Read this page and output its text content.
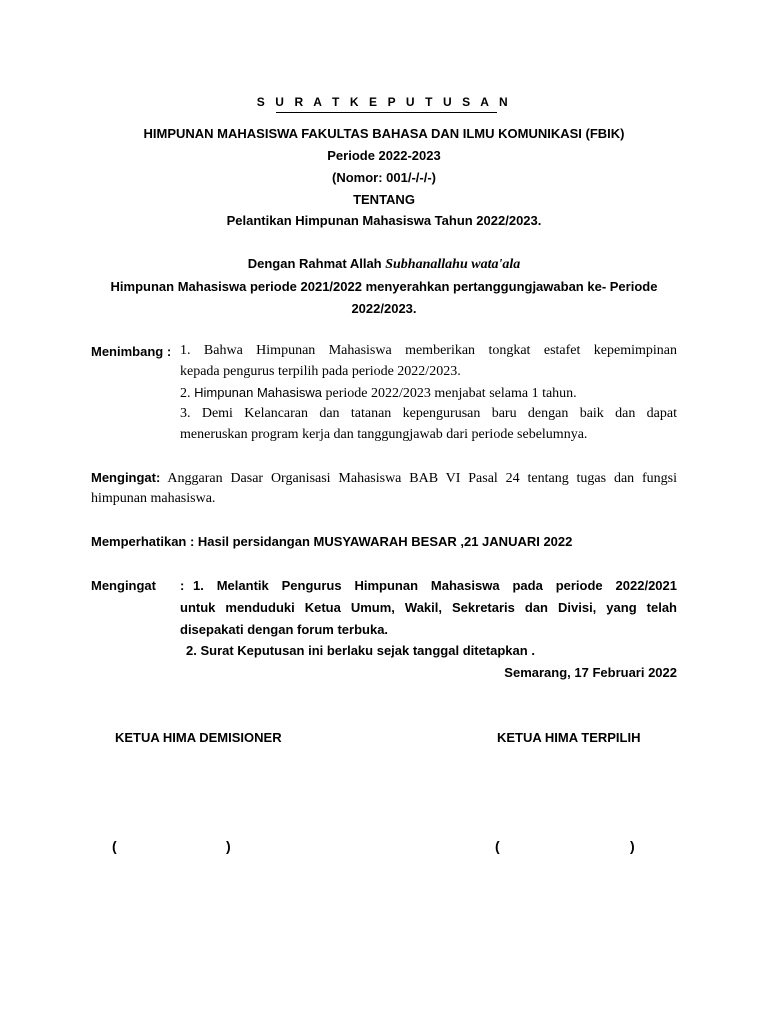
S U R A T K E P U T U S A N
HIMPUNAN MAHASISWA FAKULTAS BAHASA DAN ILMU KOMUNIKASI (FBIK)
Periode 2022-2023
(Nomor: 001/-/-/-)
TENTANG
Pelantikan Himpunan Mahasiswa Tahun 2022/2023.
Dengan Rahmat Allah Subhanallahu wata'ala
Himpunan Mahasiswa periode 2021/2022 menyerahkan pertanggungjawaban ke- Periode
2022/2023.
Menimbang : 1. Bahwa Himpunan Mahasiswa memberikan tongkat estafet kepemimpinan
kepada pengurus terpilih pada periode 2022/2023.
2. Himpunan Mahasiswa periode 2022/2023 menjabat selama 1 tahun.
3. Demi Kelancaran dan tatanan kepengurusan baru dengan baik dan dapat
meneruskan program kerja dan tanggungjawab dari periode sebelumnya.
Mengingat: Anggaran Dasar Organisasi Mahasiswa BAB VI Pasal 24 tentang tugas dan fungsi
himpunan mahasiswa.
Memperhatikan : Hasil persidangan MUSYAWARAH BESAR ,21 JANUARI 2022
Mengingat : 1. Melantik Pengurus Himpunan Mahasiswa pada periode 2022/2021
untuk menduduki Ketua Umum, Wakil, Sekretaris dan Divisi, yang telah
disepakati dengan forum terbuka.
2. Surat Keputusan ini berlaku sejak tanggal ditetapkan .
Semarang, 17 Februari 2022
KETUA HIMA DEMISIONER	KETUA HIMA TERPILIH
(	)	(	)
